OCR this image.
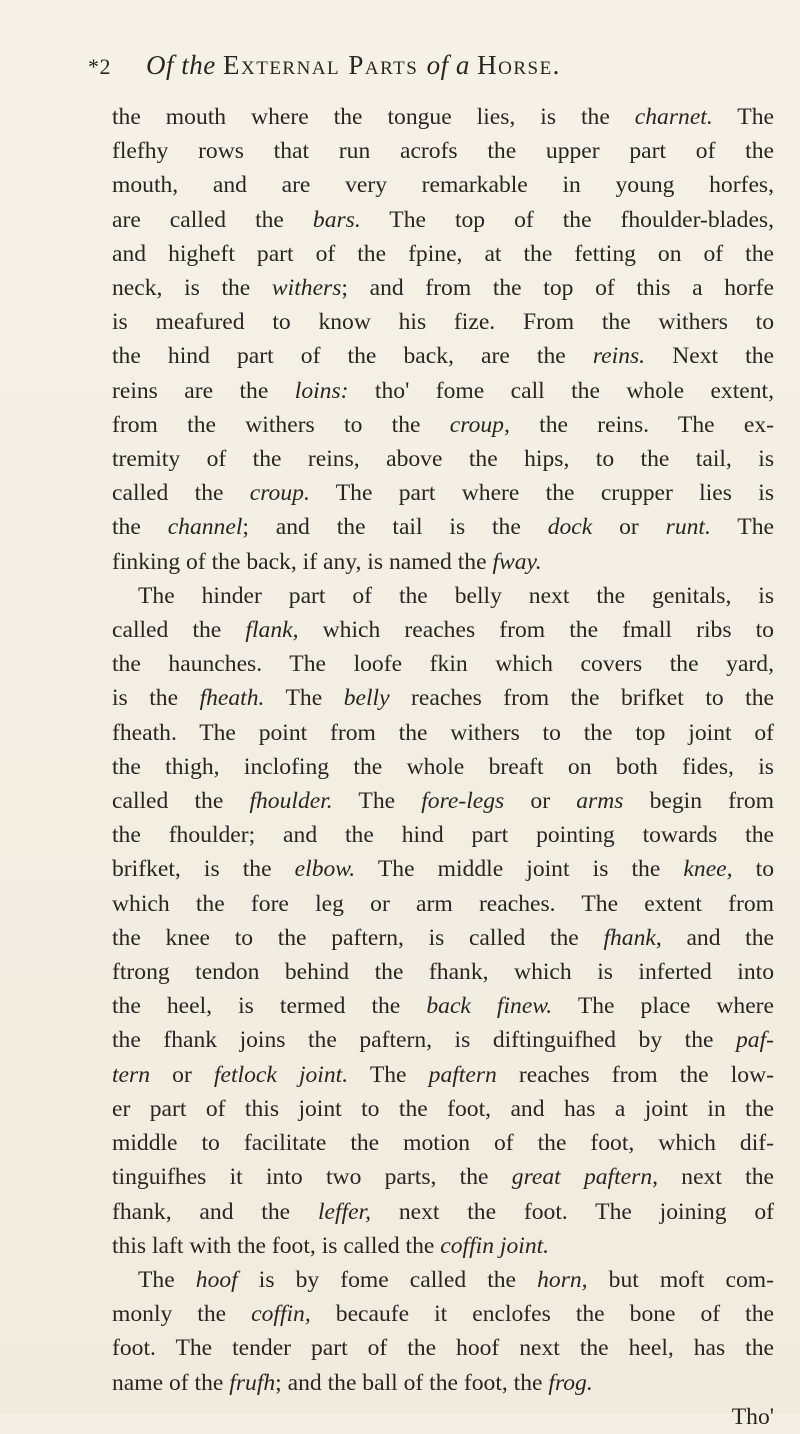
*2 Of the External Parts of a Horse.
the mouth where the tongue lies, is the charnet. The
flefhy rows that run acrofs the upper part of the
mouth, and are very remarkable in young horfes,
are called the bars. The top of the fhoulder-blades,
and higheft part of the fpine, at the fetting on of the
neck, is the withers; and from the top of this a horfe
is meafured to know his fize. From the withers to
the hind part of the back, are the reins. Next the
reins are the loins: tho' fome call the whole extent,
from the withers to the croup, the reins. The ex-
tremity of the reins, above the hips, to the tail, is
called the croup. The part where the crupper lies is
the channel; and the tail is the dock or runt. The
finking of the back, if any, is named the fway.
The hinder part of the belly next the genitals, is
called the flank, which reaches from the fmall ribs to
the haunches. The loofe fkin which covers the yard,
is the fheath. The belly reaches from the brifket to the
fheath. The point from the withers to the top joint of
the thigh, inclofing the whole breaft on both fides, is
called the fhoulder. The fore-legs or arms begin from
the fhoulder; and the hind part pointing towards the
brifket, is the elbow. The middle joint is the knee, to
which the fore leg or arm reaches. The extent from
the knee to the paftern, is called the fhank, and the
ftrong tendon behind the fhank, which is inferted into
the heel, is termed the back finew. The place where
the fhank joins the paftern, is diftinguifhed by the paf-
tern or fetlock joint. The paftern reaches from the low-
er part of this joint to the foot, and has a joint in the
middle to facilitate the motion of the foot, which dif-
tinguifhes it into two parts, the great paftern, next the
fhank, and the leffer, next the foot. The joining of
this laft with the foot, is called the coffin joint.
The hoof is by fome called the horn, but moft com-
monly the coffin, becaufe it enclofes the bone of the
foot. The tender part of the hoof next the heel, has the
name of the frufh; and the ball of the foot, the frog.
Tho'
